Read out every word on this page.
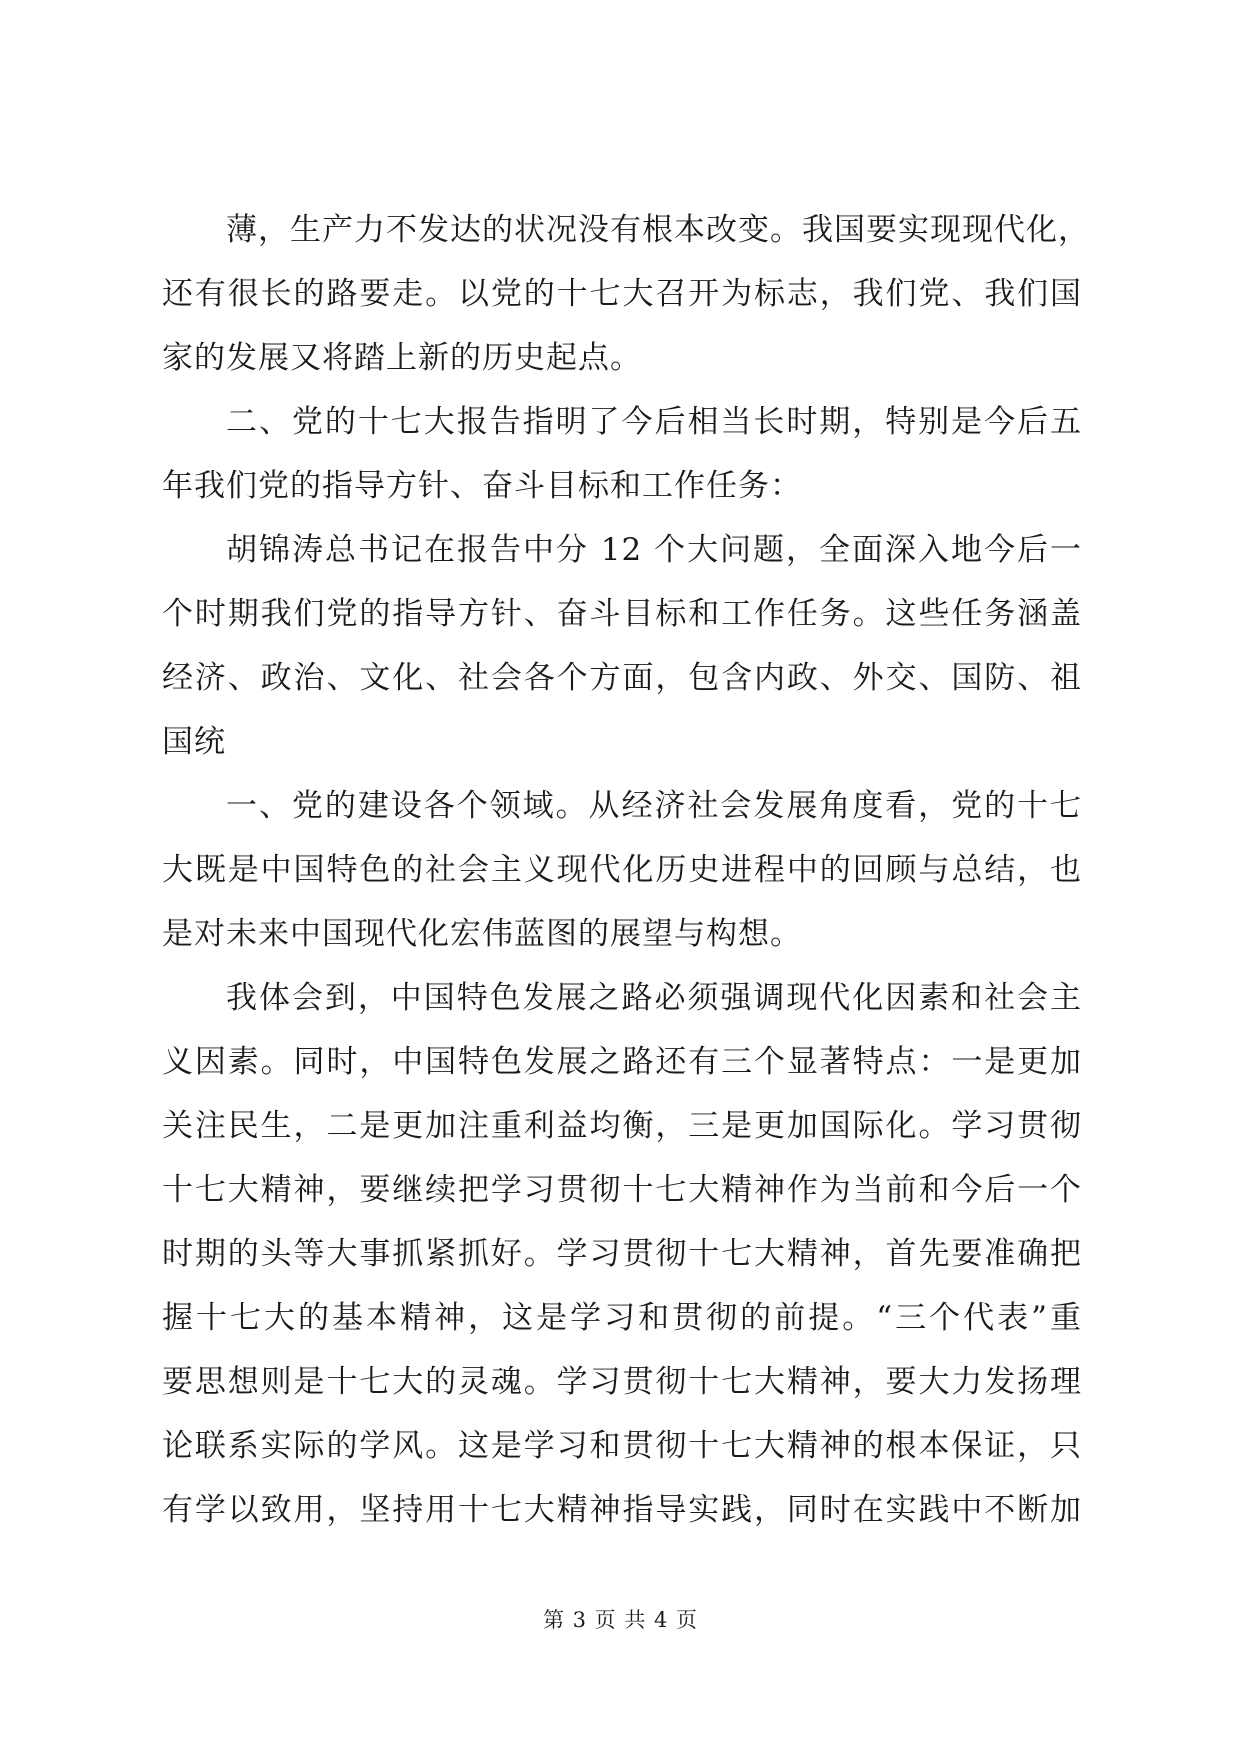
薄，生产力不发达的状况没有根本改变。我国要实现现代化，
还有很长的路要走。以党的十七大召开为标志，我们党、我们国
家的发展又将踏上新的历史起点。
二、党的十七大报告指明了今后相当长时期，特别是今后五
年我们党的指导方针、奋斗目标和工作任务：
胡锦涛总书记在报告中分 12 个大问题，全面深入地今后一
个时期我们党的指导方针、奋斗目标和工作任务。这些任务涵盖
经济、政治、文化、社会各个方面，包含内政、外交、国防、祖
国统
一、党的建设各个领域。从经济社会发展角度看，党的十七
大既是中国特色的社会主义现代化历史进程中的回顾与总结，也
是对未来中国现代化宏伟蓝图的展望与构想。
我体会到，中国特色发展之路必须强调现代化因素和社会主
义因素。同时，中国特色发展之路还有三个显著特点：一是更加
关注民生，二是更加注重利益均衡，三是更加国际化。学习贯彻
十七大精神，要继续把学习贯彻十七大精神作为当前和今后一个
时期的头等大事抓紧抓好。学习贯彻十七大精神，首先要准确把
握十七大的基本精神，这是学习和贯彻的前提。“三个代表”重
要思想则是十七大的灵魂。学习贯彻十七大精神，要大力发扬理
论联系实际的学风。这是学习和贯彻十七大精神的根本保证，只
有学以致用，坚持用十七大精神指导实践，同时在实践中不断加
第 3 页 共 4 页
